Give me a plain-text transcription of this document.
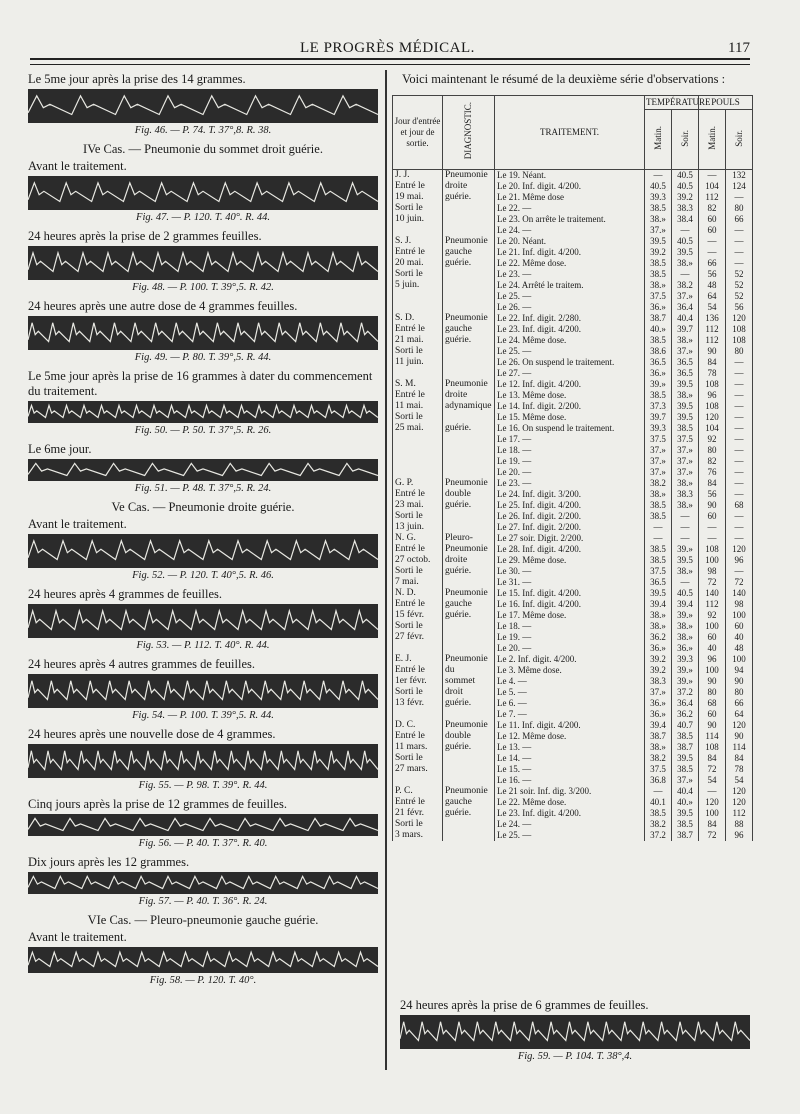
LE PROGRÈS MÉDICAL.	117

Le 5me jour après la prise des 14 grammes.

Fig. 46. — P. 74. T. 37°,8. R. 38.

IVe Cas. — Pneumonie du sommet droit guérie.

Avant le traitement.

Fig. 47. — P. 120. T. 40°. R. 44.

24 heures après la prise de 2 grammes feuilles.

Fig. 48. — P. 100. T. 39°,5. R. 42.

24 heures après une autre dose de 4 grammes feuilles.

Fig. 49. — P. 80. T. 39°,5. R. 44.

Le 5me jour après la prise de 16 grammes à dater du commencement du traitement.

Fig. 50. — P. 50. T. 37°,5. R. 26.

Le 6me jour.

Fig. 51. — P. 48. T. 37°,5. R. 24.

Ve Cas. — Pneumonie droite guérie.

Avant le traitement.

Fig. 52. — P. 120. T. 40°,5. R. 46.

24 heures après 4 grammes de feuilles.

Fig. 53. — P. 112. T. 40°. R. 44.

24 heures après 4 autres grammes de feuilles.

Fig. 54. — P. 100. T. 39°,5. R. 44.

24 heures après une nouvelle dose de 4 grammes.

Fig. 55. — P. 98. T. 39°. R. 44.

Cinq jours après la prise de 12 grammes de feuilles.

Fig. 56. — P. 40. T. 37°. R. 40.

Dix jours après les 12 grammes.

Fig. 57. — P. 40. T. 36°. R. 24.

VIe Cas. — Pleuro-pneumonie gauche guérie.

Avant le traitement.

Fig. 58. — P. 120. T. 40°.

Voici maintenant le résumé de la deuxième série d'observations :

Jour d'entrée et jour de sortie.	DIAGNOSTIC.	TRAITEMENT.	TEMPÉRATURE		POULS	
			Matin.	Soir.	Matin.	Soir.
J. J.	Pneumonie	Le 19. Néant.	—	40.5	—	132
Entré le	droite	Le 20. Inf. digit. 4/200.	40.5	40.5	104	124
19 mai.	guérie.	Le 21. Même dose	39.3	39.2	112	—
Sorti le		Le 22. —	38.5	38.3	82	80
10 juin.		Le 23. On arrête le traitement.	38.»	38.4	60	66
		Le 24. —	37.»	—	60	—
S. J.	Pneumonie	Le 20. Néant.	39.5	40.5	—	—
Entré le	gauche	Le 21. Inf. digit. 4/200.	39.2	39.5	—	—
20 mai.	guérie.	Le 22. Même dose.	38.5	38.»	66	—
Sorti le		Le 23. —	38.5	—	56	52
5 juin.		Le 24. Arrêté le traitem.	38.»	38.2	48	52
		Le 25. —	37.5	37.»	64	52
		Le 26. —	36.»	36.4	54	56
S. D.	Pneumonie	Le 22. Inf. digit. 2/280.	38.7	40.4	136	120
Entré le	gauche	Le 23. Inf. digit. 4/200.	40.»	39.7	112	108
21 mai.	guérie.	Le 24. Même dose.	38.5	38.»	112	108
Sorti le		Le 25. —	38.6	37.»	90	80
11 juin.		Le 26. On suspend le traitement.	36.5	36.5	84	—
		Le 27. —	36.»	36.5	78	—
S. M.	Pneumonie	Le 12. Inf. digit. 4/200.	39.»	39.5	108	—
Entré le	droite	Le 13. Même dose.	38.5	38.»	96	—
11 mai.	adynamique	Le 14. Inf. digit. 2/200.	37.3	39.5	108	—
Sorti le		Le 15. Même dose.	39.7	39.5	120	—
25 mai.	guérie.	Le 16. On suspend le traitement.	39.3	38.5	104	—
		Le 17. —	37.5	37.5	92	—
		Le 18. —	37.»	37.»	80	—
		Le 19. —	37.»	37.»	82	—
		Le 20. —	37.»	37.»	76	—
G. P.	Pneumonie	Le 23. —	38.2	38.»	84	—
Entré le	double	Le 24. Inf. digit. 3/200.	38.»	38.3	56	—
23 mai.	guérie.	Le 25. Inf. digit. 4/200.	38.5	38.»	90	68
Sorti le		Le 26. Inf. digit. 2/200.	38.5	—	60	—
13 juin.		Le 27. Inf. digit. 2/200.	—	—	—	—
N. G.	Pleuro-	Le 27 soir. Digit. 2/200.	—	—	—	—
Entré le	Pneumonie	Le 28. Inf. digit. 4/200.	38.5	39.»	108	120
27 octob.	droite	Le 29. Même dose.	38.5	39.5	100	96
Sorti le	guérie.	Le 30. —	37.5	38.»	98	—
7 mai.		Le 31. —	36.5	—	72	72
N. D.	Pneumonie	Le 15. Inf. digit. 4/200.	39.5	40.5	140	140
Entré le	gauche	Le 16. Inf. digit. 4/200.	39.4	39.4	112	98
15 févr.	guérie.	Le 17. Même dose.	38.»	39.»	92	100
Sorti le		Le 18. —	38.»	38.»	100	60
27 févr.		Le 19. —	36.2	38.»	60	40
		Le 20. —	36.»	36.»	40	48
E. J.	Pneumonie	Le 2. Inf. digit. 4/200.	39.2	39.3	96	100
Entré le	du	Le 3. Même dose.	39.2	39.»	100	94
1er févr.	sommet	Le 4. —	38.3	39.»	90	90
Sorti le	droit	Le 5. —	37.»	37.2	80	80
13 févr.	guérie.	Le 6. —	36.»	36.4	68	66
		Le 7. —	36.»	36.2	60	64
D. C.	Pneumonie	Le 11. Inf. digit. 4/200.	39.4	40.7	90	120
Entré le	double	Le 12. Même dose.	38.7	38.5	114	90
11 mars.	guérie.	Le 13. —	38.»	38.7	108	114
Sorti le		Le 14. —	38.2	39.5	84	84
27 mars.		Le 15. —	37.5	38.5	72	78
		Le 16. —	36.8	37.»	54	54
P. C.	Pneumonie	Le 21 soir. Inf. dig. 3/200.	—	40.4	—	120
Entré le	gauche	Le 22. Même dose.	40.1	40.»	120	120
21 févr.	guérie.	Le 23. Inf. digit. 4/200.	38.5	39.5	100	112
Sorti le		Le 24. —	38.2	38.5	84	88
3 mars.		Le 25. —	37.2	38.7	72	96

24 heures après la prise de 6 grammes de feuilles.

Fig. 59. — P. 104. T. 38°,4.
